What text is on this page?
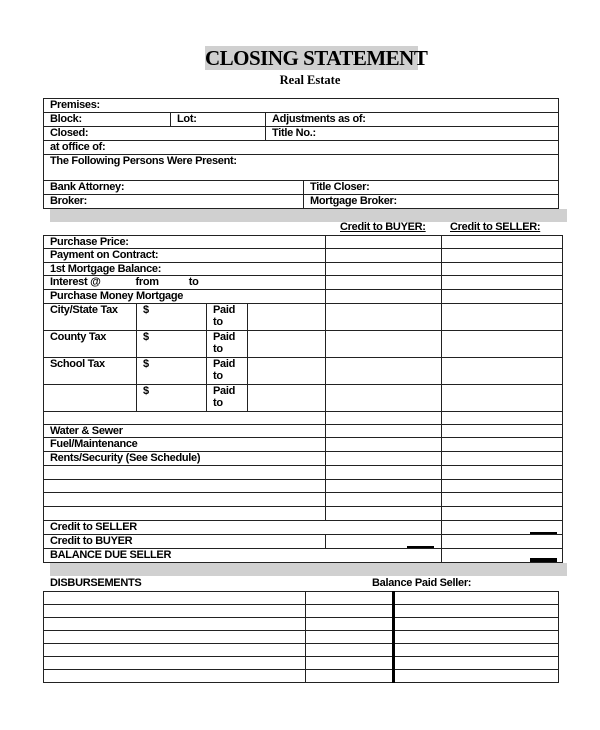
CLOSING STATEMENT
Real Estate
Premises:			
Block:	Lot:	Adjustments as of:	
Closed:		Title No.:	
at office of:			
The Following Persons Were Present:			
Bank Attorney:			Title Closer:
Broker:			Mortgage Broker:
Credit to BUYER:	Credit to SELLER:
Purchase Price:					
Payment on Contract:					
1st Mortgage Balance:					
Interest @ from to					
Purchase Money Mortgage					
City/State Tax	$	Paid to			
County Tax	$	Paid to			
School Tax	$	Paid to			
	$	Paid to			

Water & Sewer					
Fuel/Maintenance					
Rents/Security (See Schedule)					

Credit to SELLER					
Credit to BUYER					
BALANCE DUE SELLER					
DISBURSEMENTS	Balance Paid Seller:
